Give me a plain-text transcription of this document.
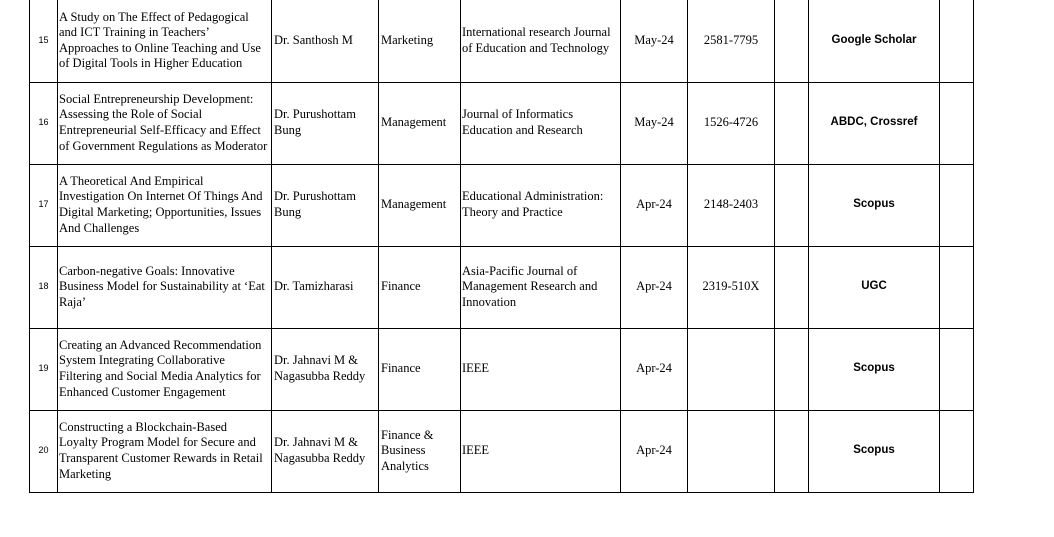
15	A Study on The Effect of Pedagogical and ICT Training in Teachers’ Approaches to Online Teaching and Use of Digital Tools in Higher Education	Dr. Santhosh M	Marketing	International research Journal of Education and Technology	May-24	2581-7795		Google Scholar	
16	Social Entrepreneurship Development: Assessing the Role of Social Entrepreneurial Self-Efficacy and Effect of Government Regulations as Moderator	Dr. Purushottam Bung	Management	Journal of Informatics Education and Research	May-24	1526-4726		ABDC, Crossref	
17	A Theoretical And Empirical Investigation On Internet Of Things And Digital Marketing; Opportunities, Issues And Challenges	Dr. Purushottam Bung	Management	Educational Administration: Theory and Practice	Apr-24	2148-2403		Scopus	
18	Carbon-negative Goals: Innovative Business Model for Sustainability at ‘Eat Raja’	Dr. Tamizharasi	Finance	Asia-Pacific Journal of Management Research and Innovation	Apr-24	2319-510X		UGC	
19	Creating an Advanced Recommendation System Integrating Collaborative Filtering and Social Media Analytics for Enhanced Customer Engagement	Dr. Jahnavi M & Nagasubba Reddy	Finance	IEEE	Apr-24			Scopus	
20	Constructing a Blockchain-Based Loyalty Program Model for Secure and Transparent Customer Rewards in Retail Marketing	Dr. Jahnavi M & Nagasubba Reddy	Finance & Business Analytics	IEEE	Apr-24			Scopus	
